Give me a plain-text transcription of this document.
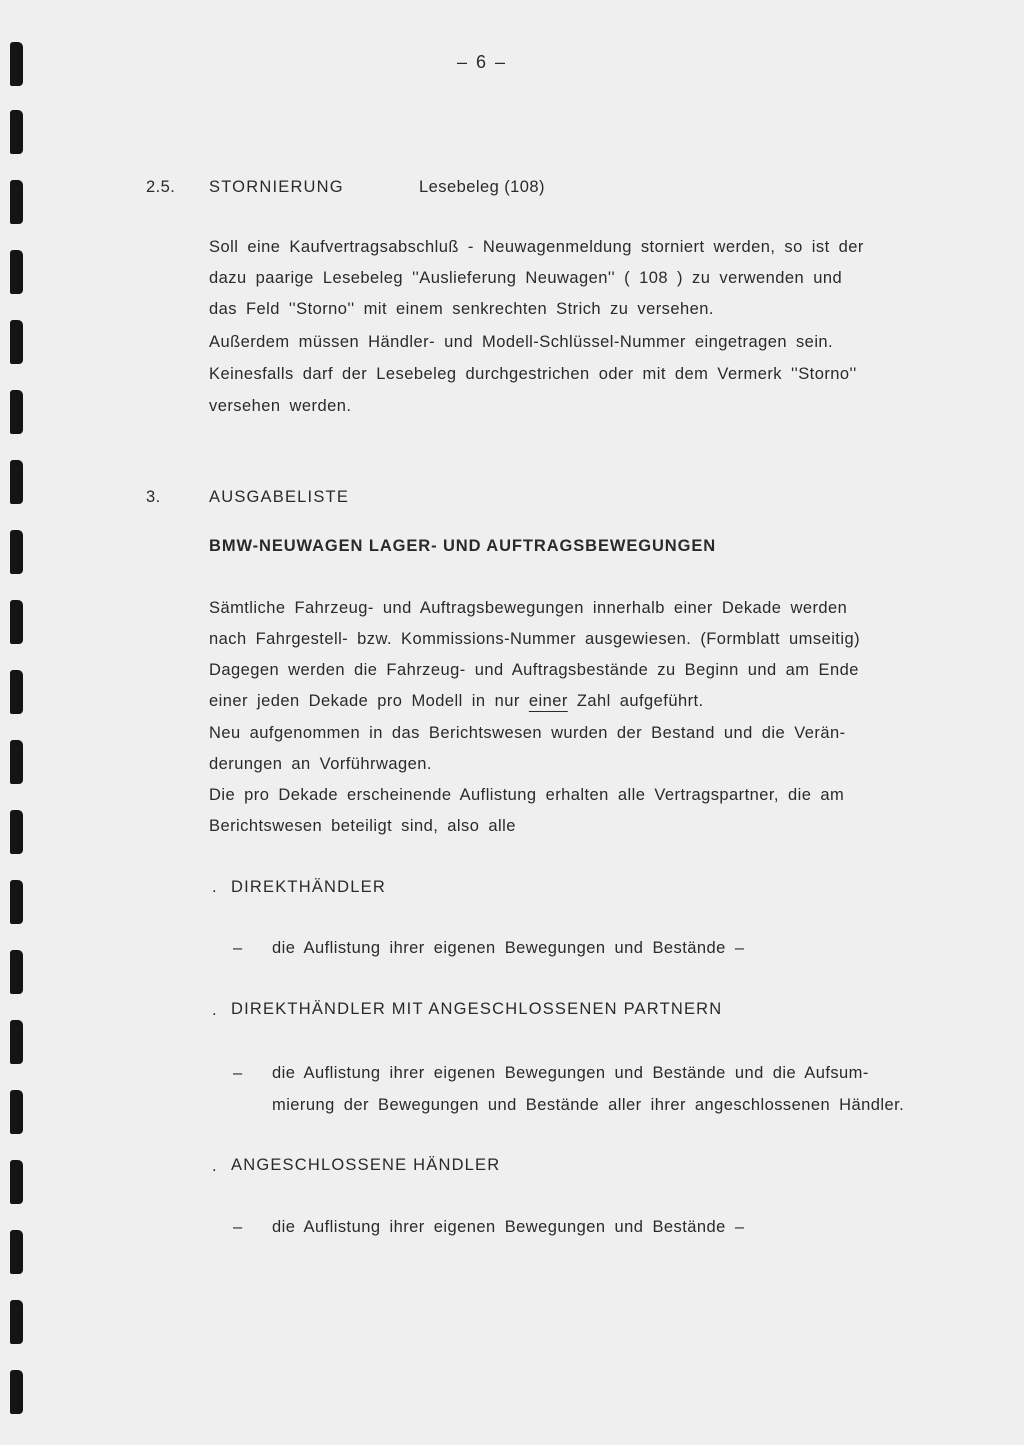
– 6 –
2.5. STORNIERUNG	Lesebeleg (108)
Soll eine Kaufvertragsabschluß - Neuwagenmeldung storniert werden, so ist der
dazu paarige Lesebeleg ''Auslieferung Neuwagen'' ( 108 ) zu verwenden und
das Feld ''Storno'' mit einem senkrechten Strich zu versehen.
Außerdem müssen Händler- und Modell-Schlüssel-Nummer eingetragen sein.
Keinesfalls darf der Lesebeleg durchgestrichen oder mit dem Vermerk ''Storno''
versehen werden.
3.	AUSGABELISTE
BMW-NEUWAGEN LAGER- UND AUFTRAGSBEWEGUNGEN
Sämtliche Fahrzeug- und Auftragsbewegungen innerhalb einer Dekade werden
nach Fahrgestell- bzw. Kommissions-Nummer ausgewiesen. (Formblatt umseitig)
Dagegen werden die Fahrzeug- und Auftragsbestände zu Beginn und am Ende
einer jeden Dekade pro Modell in nur einer Zahl aufgeführt.
Neu aufgenommen in das Berichtswesen wurden der Bestand und die Verän-
derungen an Vorführwagen.
Die pro Dekade erscheinende Auflistung erhalten alle Vertragspartner, die am
Berichtswesen beteiligt sind, also alle
. DIREKTHÄNDLER
– die Auflistung ihrer eigenen Bewegungen und Bestände –
. DIREKTHÄNDLER MIT ANGESCHLOSSENEN PARTNERN
– die Auflistung ihrer eigenen Bewegungen und Bestände und die Aufsum-
mierung der Bewegungen und Bestände aller ihrer angeschlossenen Händler.
. ANGESCHLOSSENE HÄNDLER
– die Auflistung ihrer eigenen Bewegungen und Bestände –
